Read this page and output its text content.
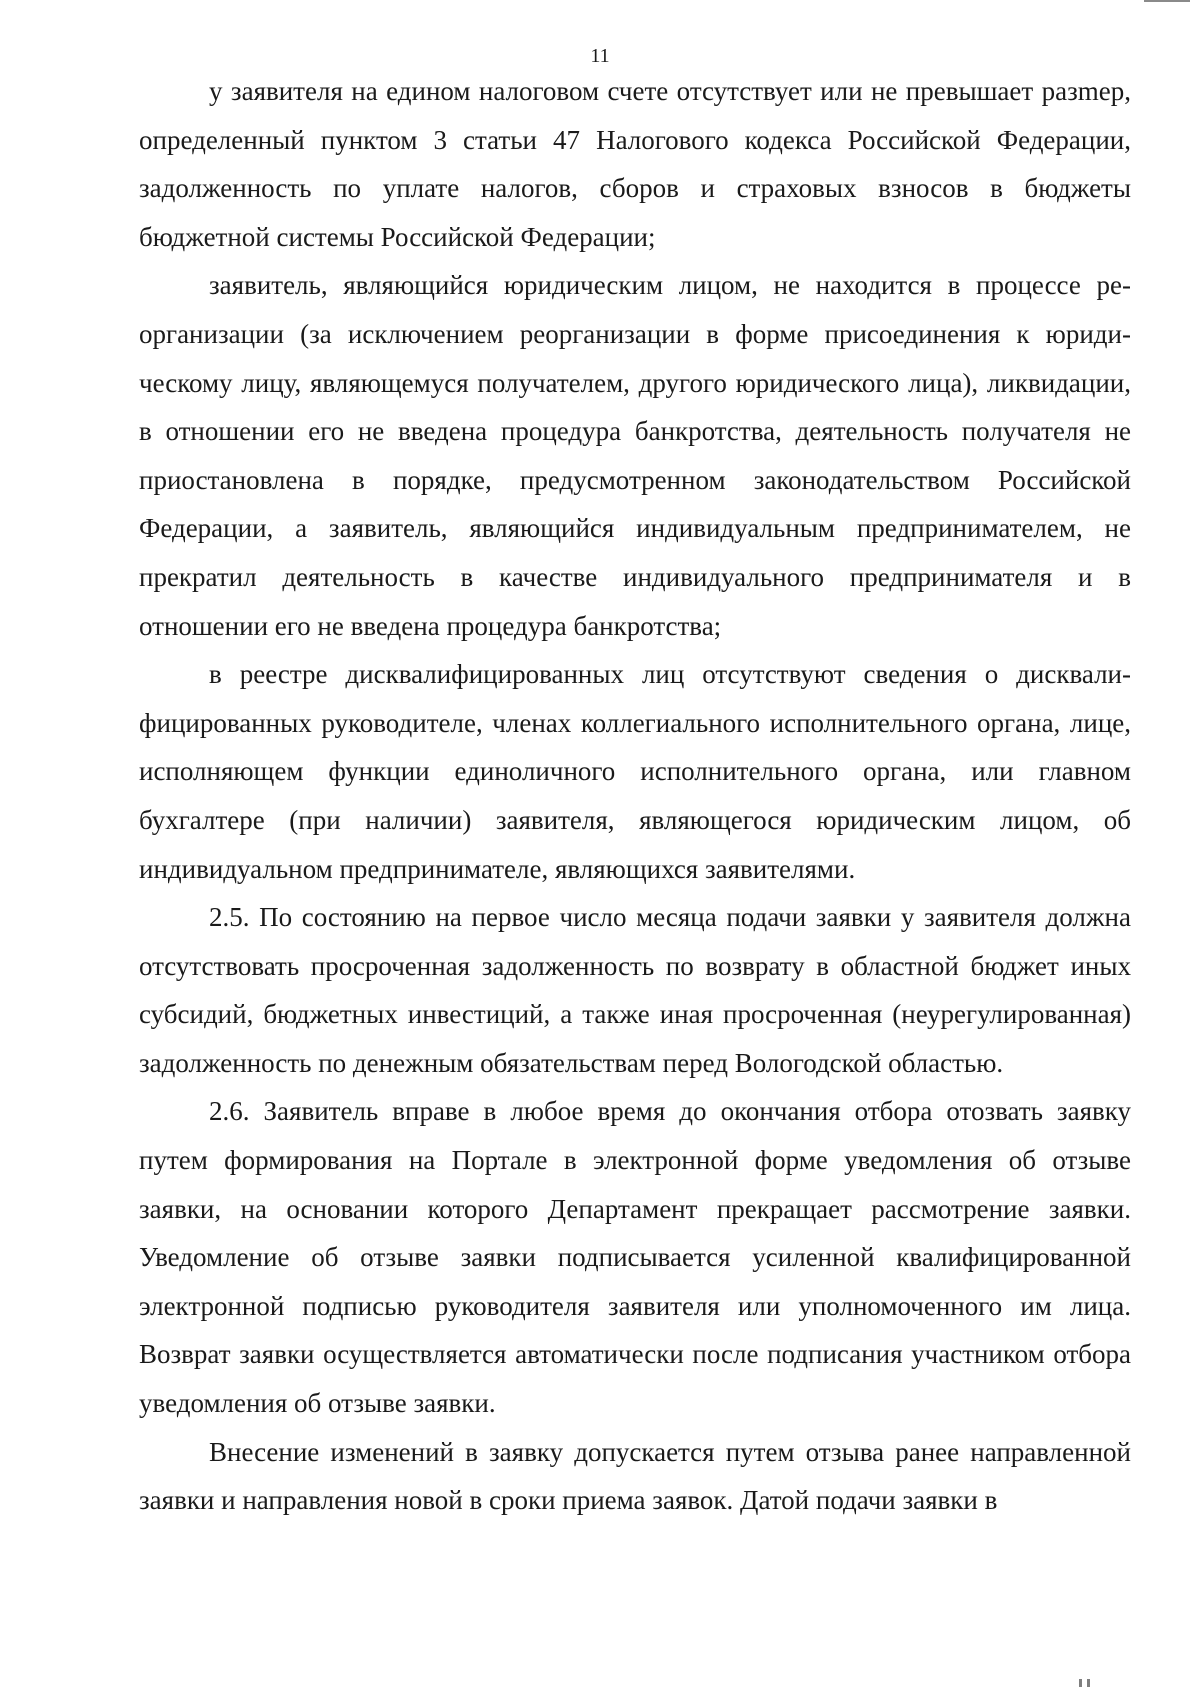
11

у заявителя на едином налоговом счете отсутствует или не превышает разmер, определенный пунктом 3 статьи 47 Налогового кодекса Российской Федерации, задолженность по уплате налогов, сборов и страховых взносов в бюджеты бюджетной системы Российской Федерации;

заявитель, являющийся юридическим лицом, не находится в процессе реорганизации (за исключением реорганизации в форме присоединения к юридическому лицу, являющемуся получателем, другого юридического лица), ликвидации, в отношении его не введена процедура банкротства, деятельность получателя не приостановлена в порядке, предусмотренном законодательством Российской Федерации, а заявитель, являющийся индивидуальным предпринимателем, не прекратил деятельность в качестве индивидуального предпринимателя и в отношении его не введена процедура банкротства;

в реестре дисквалифицированных лиц отсутствуют сведения о дисквалифицированных руководителе, членах коллегиального исполнительного органа, лице, исполняющем функции единоличного исполнительного органа, или главном бухгалтере (при наличии) заявителя, являющегося юридическим лицом, об индивидуальном предпринимателе, являющихся заявителями.

2.5. По состоянию на первое число месяца подачи заявки у заявителя должна отсутствовать просроченная задолженность по возврату в областной бюджет иных субсидий, бюджетных инвестиций, а также иная просроченная (неурегулированная) задолженность по денежным обязательствам перед Вологодской областью.

2.6. Заявитель вправе в любое время до окончания отбора отозвать заявку путем формирования на Портале в электронной форме уведомления об отзыве заявки, на основании которого Департамент прекращает рассмотрение заявки. Уведомление об отзыве заявки подписывается усиленной квалифицированной электронной подписью руководителя заявителя или уполномоченного им лица. Возврат заявки осуществляется автоматически после подписания участником отбора уведомления об отзыве заявки.

Внесение изменений в заявку допускается путем отзыва ранее направленной заявки и направления новой в сроки приема заявок. Датой подачи заявки в
